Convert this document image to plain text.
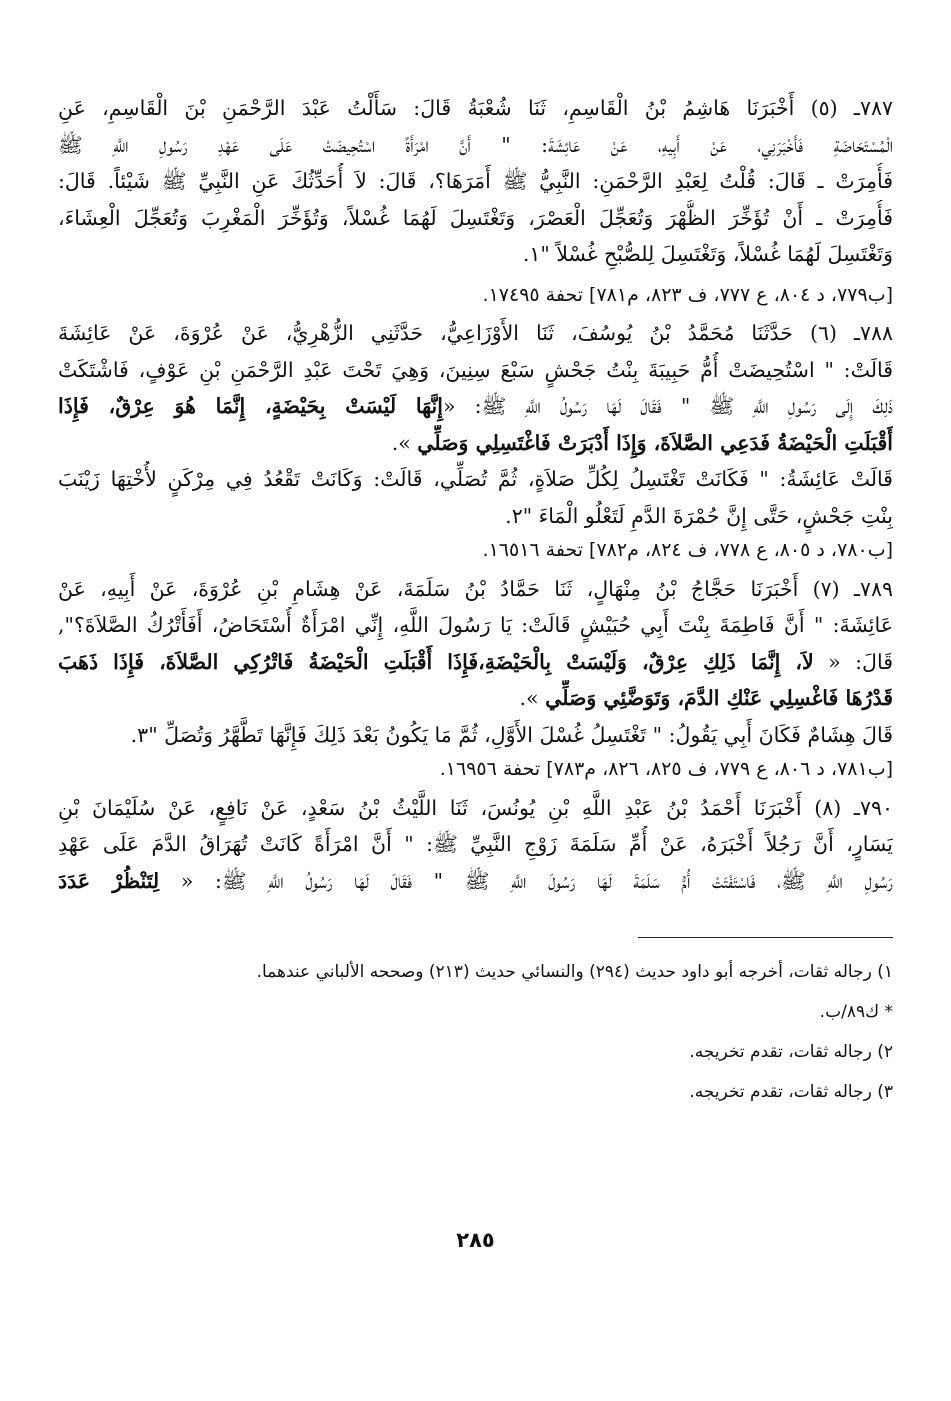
٧٨٧ـ (٥) أَخْبَرَنَا هَاشِمُ بْنُ الْقَاسِمِ، ثَنَا شُعْبَةُ قَالَ: سَأَلْتُ عَبْدَ الرَّحْمَنِ بْنَ الْقَاسِمِ، عَنِ

الْمُسْتَحَاضَةِ فَأَخْبَرَنِي، عَنْ أَبِيهِ، عَنْ عَائِشَةَ: " أَنَّ امْرَأَةً اسْتُحِيضَتْ عَلَى عَهْدِ رَسُولِ اللَّهِ ﷺ

فَأُمِرَتْ ـ قَالَ: قُلْتُ لِعَبْدِ الرَّحْمَنِ: النَّبِيُّ ﷺ أَمَرَهَا؟، قَالَ: لاَ أُحَدِّثُكَ عَنِ النَّبِيِّ ﷺ شَيْئاً. قَالَ:

فَأُمِرَتْ ـ أَنْ تُؤَخِّرَ الظُّهْرَ وَتُعَجِّلَ الْعَصْرَ، وَتَغْتَسِلَ لَهُمَا غُسْلاً، وَتُؤَخِّرَ الْمَغْرِبَ وَتُعَجِّلَ الْعِشَاءَ،

وَتَغْتَسِلَ لَهُمَا غُسْلاً، وَتَغْتَسِلَ لِلصُّبْحِ غُسْلاً "١.

[ب٧٧٩، د ٨٠٤، ع ٧٧٧، ف ٨٢٣، م٧٨١] تحفة ١٧٤٩٥.

٧٨٨ـ (٦) حَدَّثَنَا مُحَمَّدُ بْنُ يُوسُفَ، ثَنَا الأَوْزَاعِيُّ، حَدَّثَنِي الزُّهْرِيُّ، عَنْ عُرْوَةَ، عَنْ عَائِشَةَ

قَالَتْ: " اسْتُحِيضَتْ أُمُّ حَبِيبَةَ بِنْتُ جَحْشٍ سَبْعَ سِنِينَ، وَهِيَ تَحْتَ عَبْدِ الرَّحْمَنِ بْنِ عَوْفٍ، فَاشْتَكَتْ

ذَلِكَ إِلَى رَسُولِ اللَّهِ ﷺ " فَقَالَ لَهَا رَسُولُ اللَّهِ ﷺ: «إِنَّهَا لَيْسَتْ بِحَيْضَةٍ، إِنَّمَا هُوَ عِرْقٌ، فَإِذَا

أَقْبَلَتِ الْحَيْضَةُ فَدَعِي الصَّلاَةَ، وَإِذَا أَدْبَرَتْ فَاغْتَسِلِي وَصَلِّي ».

قَالَتْ عَائِشَةُ: " فَكَانَتْ تَغْتَسِلُ لِكُلِّ صَلاَةٍ، ثُمَّ تُصَلِّي، قَالَتْ: وَكَانَتْ تَقْعُدُ فِي مِرْكَنٍ لأُخْتِهَا زَيْنَبَ

بِنْتِ جَحْشٍ، حَتَّى إِنَّ حُمْرَةَ الدَّمِ لَتَعْلُو الْمَاءَ "٢.

[ب٧٨٠، د ٨٠٥، ع ٧٧٨، ف ٨٢٤، م٧٨٢] تحفة ١٦٥١٦.

٧٨٩ـ (٧) أَخْبَرَنَا حَجَّاجُ بْنُ مِنْهَالٍ، ثَنَا حَمَّادُ بْنُ سَلَمَةَ، عَنْ هِشَامِ بْنِ عُرْوَةَ، عَنْ أَبِيهِ، عَنْ

عَائِشَةَ: " أَنَّ فَاطِمَةَ بِنْتَ أَبِي حُبَيْشٍ قَالَتْ: يَا رَسُولَ اللَّهِ، إِنِّي امْرَأَةٌ أُسْتَحَاضُ، أَفَأَتْرُكُ الصَّلاَةَ؟",

قَالَ: « لاَ، إِنَّمَا ذَلِكِ عِرْقٌ، وَلَيْسَتْ بِالْحَيْضَةِ،فَإِذَا أَقْبَلَتِ الْحَيْضَةُ فَاتْرُكِي الصَّلاَةَ، فَإِذَا ذَهَبَ

قَدْرُهَا فَاغْسِلِي عَنْكِ الدَّمَ، وَتَوَضَّئِي وَصَلِّي ».

قَالَ هِشَامٌ فَكَانَ أَبِي يَقُولُ: " تَغْتَسِلُ غُسْلَ الأَوَّلِ، ثُمَّ مَا يَكُونُ بَعْدَ ذَلِكَ فَإِنَّهَا تَطَّهَّرُ وَتُصَلِّ "٣.

[ب٧٨١، د ٨٠٦، ع ٧٧٩، ف ٨٢٥، ٨٢٦، م٧٨٣] تحفة ١٦٩٥٦.

٧٩٠ـ (٨) أَخْبَرَنَا أَحْمَدُ بْنُ عَبْدِ اللَّهِ بْنِ يُونُسَ، ثَنَا اللَّيْثُ بْنُ سَعْدٍ، عَنْ نَافِعٍ، عَنْ سُلَيْمَانَ بْنِ

يَسَارٍ، أَنَّ رَجُلاً أَخْبَرَهُ، عَنْ أُمِّ سَلَمَةَ زَوْجِ النَّبِيِّ ﷺ: " أَنَّ امْرَأَةً كَانَتْ تُهَرَاقُ الدَّمَ عَلَى عَهْدِ

رَسُولِ اللَّهِ ﷺ، فَاسْتَفْتَتْ أُمُّ سَلَمَةَ لَهَا رَسُولَ اللَّهِ ﷺ " فَقَالَ لَهَا رَسُولُ اللَّهِ ﷺ: « لِتَنْظُرْ عَدَدَ

١) رجاله ثقات، أخرجه أبو داود حديث (٢٩٤) والنسائي حديث (٢١٣) وصححه الألباني عندهما.

* ك٨٩/ب.

٢) رجاله ثقات، تقدم تخريجه.

٣) رجاله ثقات، تقدم تخريجه.

٢٨٥
